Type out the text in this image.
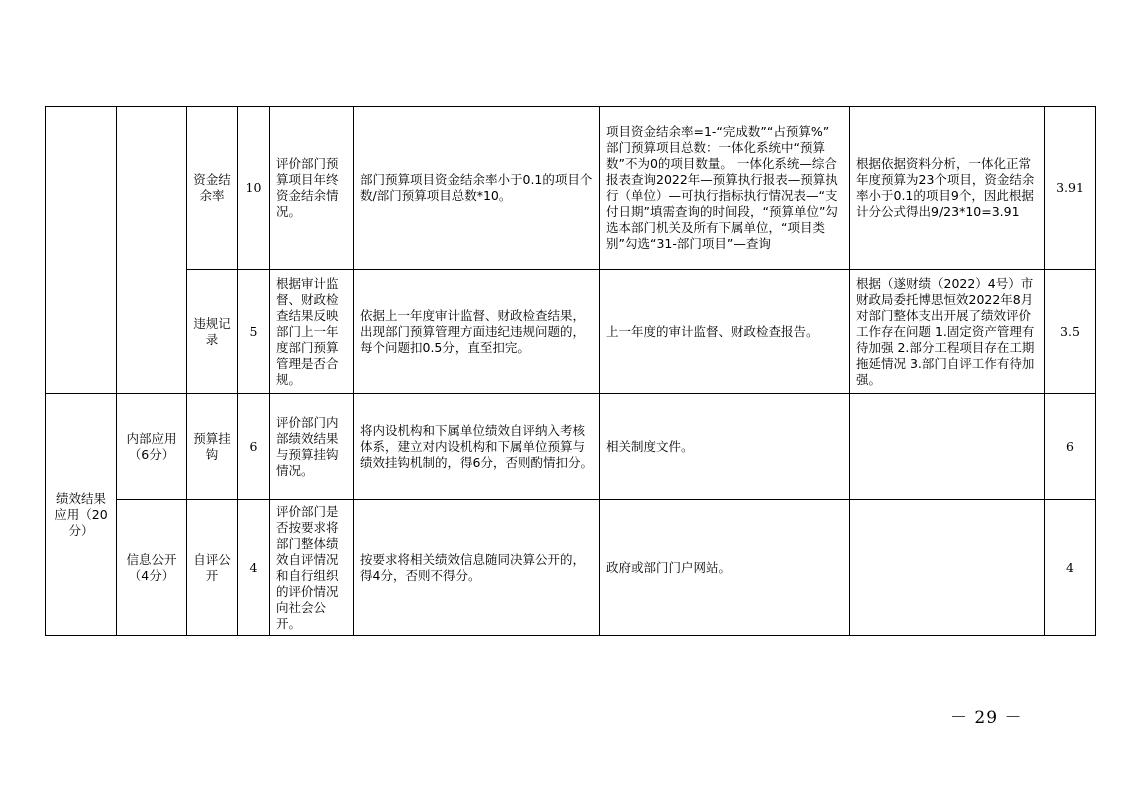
		资金结余率	10	评价部门预算项目年终资金结余情况。	部门预算项目资金结余率小于0.1的项目个数/部门预算项目总数*10。	项目资金结余率=1-“完成数”“占预算%” 部门预算项目总数：一体化系统中“预算数”不为0的项目数量。 一体化系统—综合报表查询2022年—预算执行报表—预算执行（单位）—可执行指标执行情况表—“支付日期”填需查询的时间段，“预算单位”勾选本部门机关及所有下属单位，“项目类别”勾选“31-部门项目”—查询	根据依据资料分析，一体化正常年度预算为23个项目，资金结余率小于0.1的项目9个，因此根据计分公式得出9/23*10=3.91	3.91
		违规记录	5	根据审计监督、财政检查结果反映部门上一年度部门预算管理是否合规。	依据上一年度审计监督、财政检查结果，出现部门预算管理方面违纪违规问题的，每个问题扣0.5分，直至扣完。	上一年度的审计监督、财政检查报告。	根据（遂财绩（2022）4号）市财政局委托博思恒效2022年8月对部门整体支出开展了绩效评价工作存在问题 1.固定资产管理有待加强 2.部分工程项目存在工期拖延情况 3.部门自评工作有待加强。	3.5
绩效结果应用（20分）	内部应用（6分）	预算挂钩	6	评价部门内部绩效结果与预算挂钩情况。	将内设机构和下属单位绩效自评纳入考核体系，建立对内设机构和下属单位预算与绩效挂钩机制的，得6分，否则酌情扣分。	相关制度文件。		6
	信息公开（4分）	自评公开	4	评价部门是否按要求将部门整体绩效自评情况和自行组织的评价情况向社会公开。	按要求将相关绩效信息随同决算公开的，得4分，否则不得分。	政府或部门门户网站。		4
－ 29 －
